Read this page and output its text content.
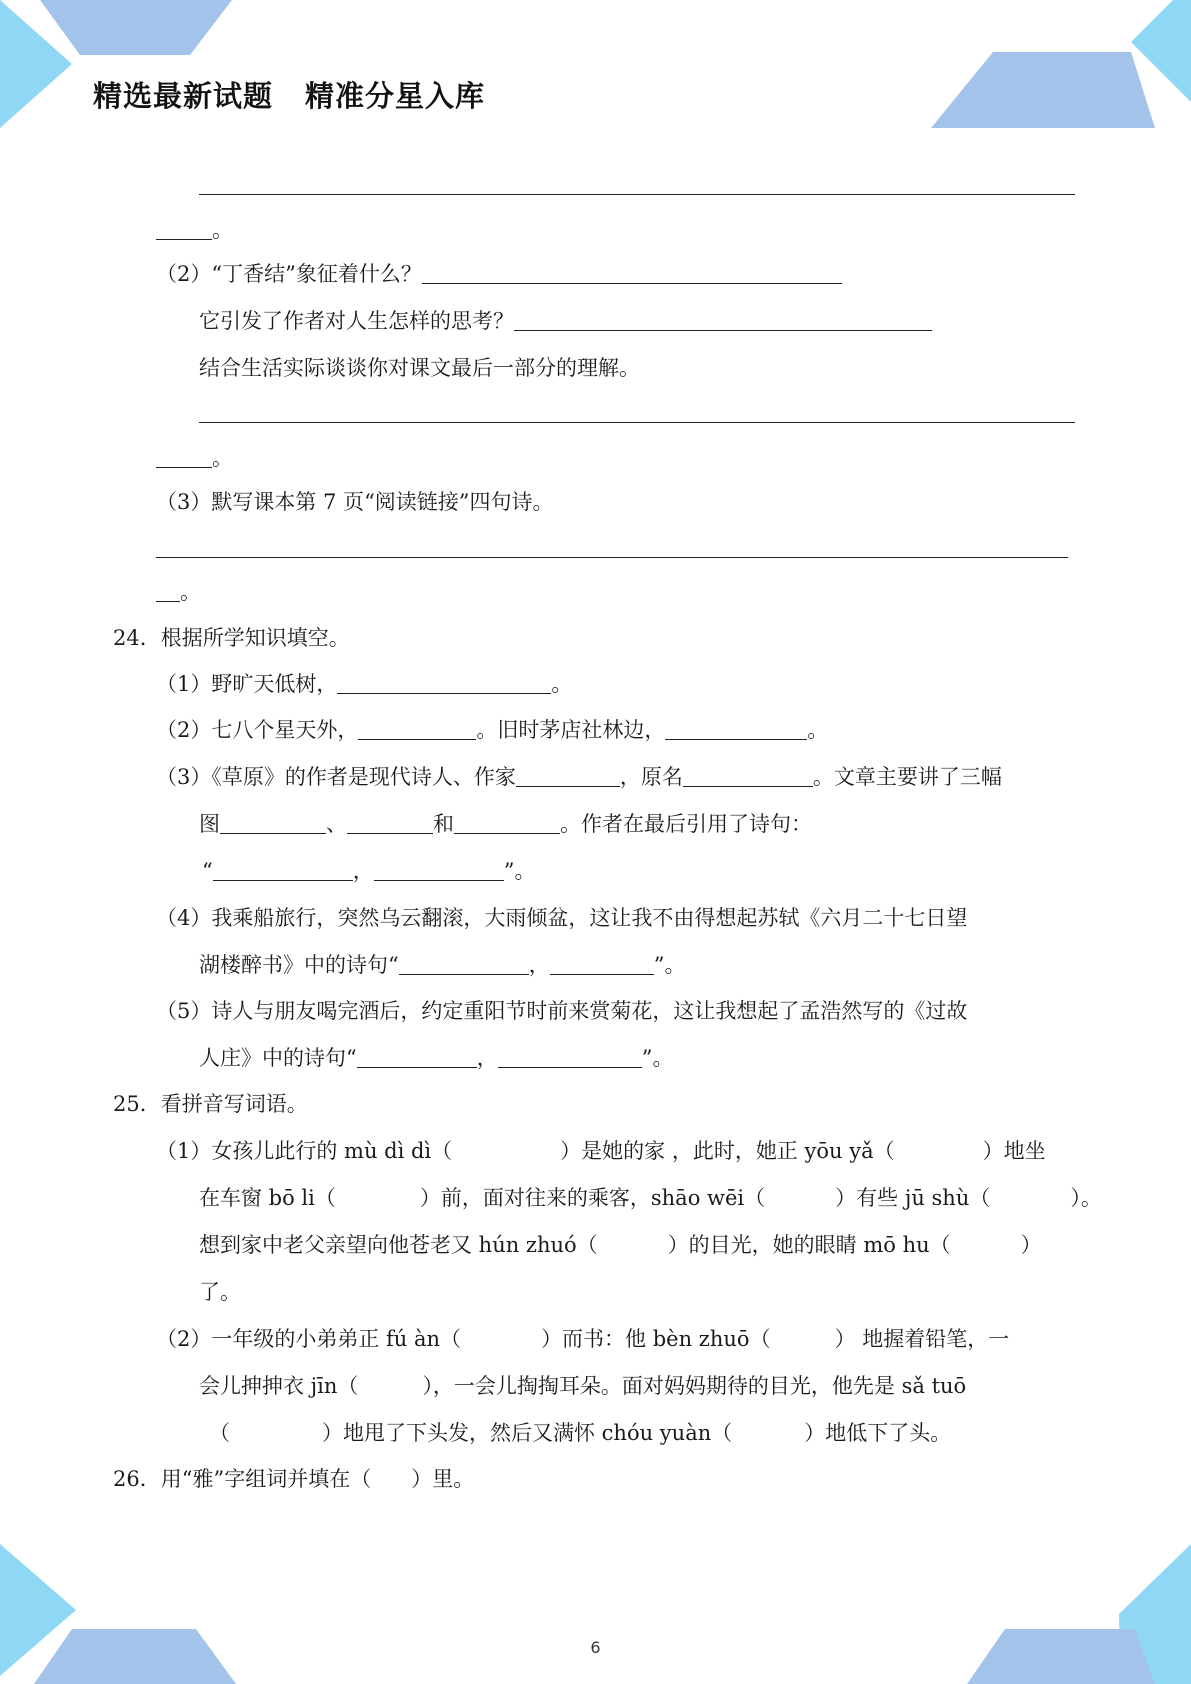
精选最新试题 精准分星入库
。
（2）“丁香结”象征着什么？
它引发了作者对人生怎样的思考？
结合生活实际谈谈你对课文最后一部分的理解。
。
（3）默写课本第 7 页“阅读链接”四句诗。
。
24．根据所学知识填空。
（1）野旷天低树，	。
（2）七八个星天外，	。旧时茅店社林边，	。
（3）《草原》的作者是现代诗人、作家	，原名	。文章主要讲了三幅
图	、	和	。作者在最后引用了诗句：
“	，	”。
（4）我乘船旅行，突然乌云翻滚，大雨倾盆，这让我不由得想起苏轼《六月二十七日望
湖楼醉书》中的诗句“	，	”。
（5）诗人与朋友喝完酒后，约定重阳节时前来赏菊花，这让我想起了孟浩然写的《过故
人庄》中的诗句“	，	”。
25．看拼音写词语。
（1）女孩儿此行的 mù dì dì（	）是她的家 ，此时，她正 yōu yǎ（	）地坐
在车窗 bō li（	）前，面对往来的乘客，shāo wēi（	）有些 jū shù（	）。
想到家中老父亲望向他苍老又 hún zhuó（	）的目光，她的眼睛 mō hu（	）
了。
（2）一年级的小弟弟正 fú àn（	）而书：他 bèn zhuō（	） 地握着铅笔，一
会儿抻抻衣 jīn（	），一会儿掏掏耳朵。面对妈妈期待的目光，他先是 sǎ tuō
（	）地甩了下头发，然后又满怀 chóu yuàn（	）地低下了头。
26．用“雅”字组词并填在（ ）里。
6
